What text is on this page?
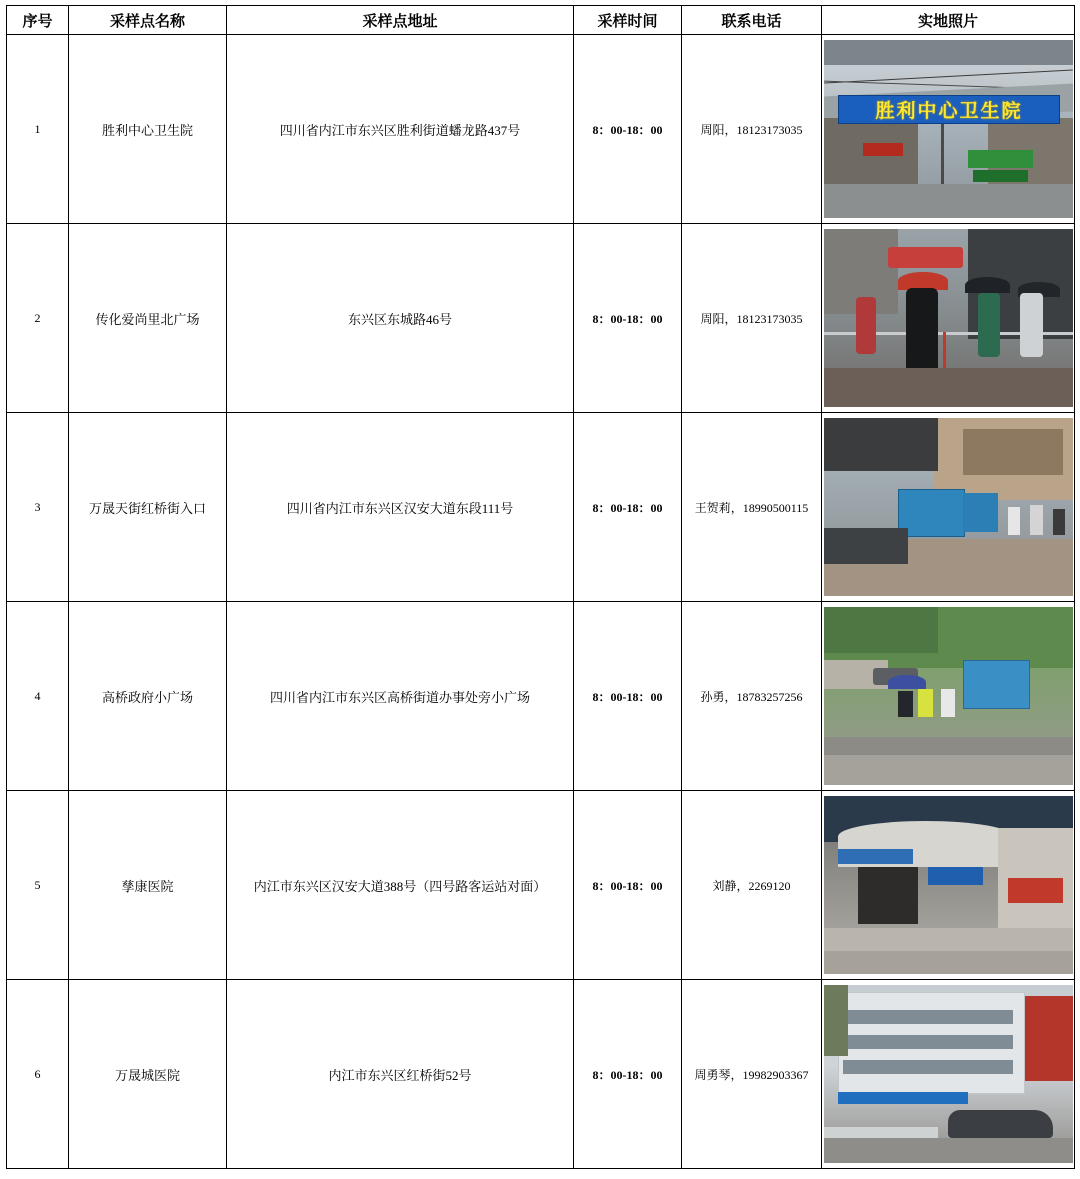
序号	采样点名称	采样点地址	采样时间	联系电话	实地照片
1	胜利中心卫生院	四川省内江市东兴区胜利街道蟠龙路437号	8：00-18：00	周阳，18123173035	胜利中心卫生院

2	传化爱尚里北广场	东兴区东城路46号	8：00-18：00	周阳，18123173035	

3	万晟天街红桥街入口	四川省内江市东兴区汉安大道东段111号	8：00-18：00	王贺莉，18990500115	

4	高桥政府小广场	四川省内江市东兴区高桥街道办事处旁小广场	8：00-18：00	孙勇，18783257256	

5	孳康医院	内江市东兴区汉安大道388号（四号路客运站对面）	8：00-18：00	刘静，2269120	

6	万晟城医院	内江市东兴区红桥街52号	8：00-18：00	周勇琴，19982903367	
